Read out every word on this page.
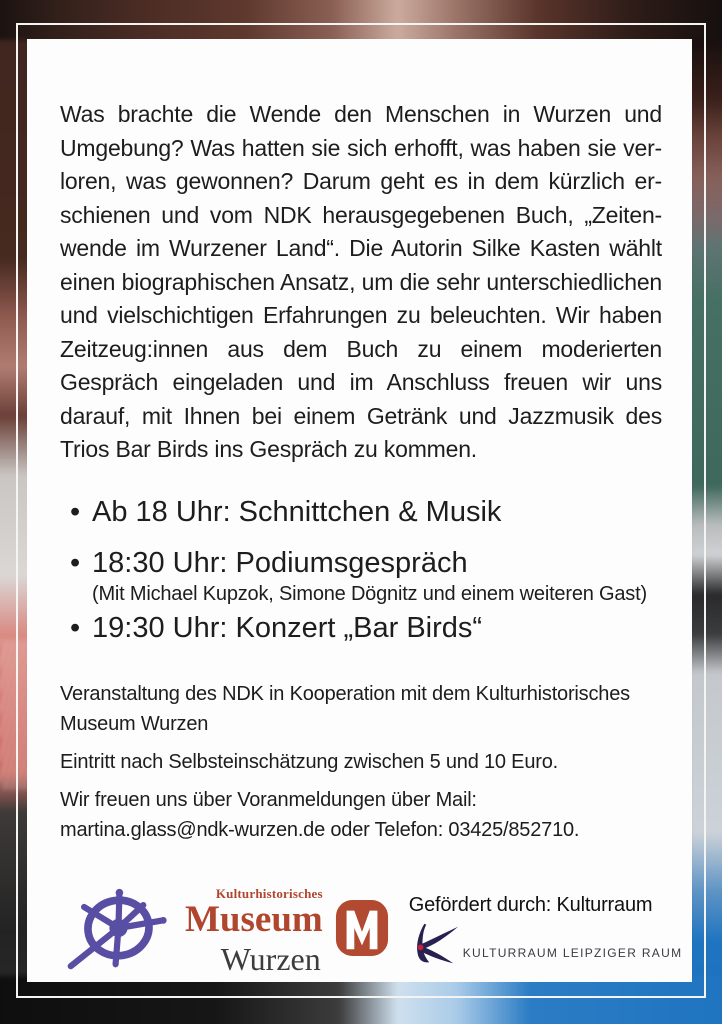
Was brachte die Wende den Menschen in Wurzen und
Umgebung? Was hatten sie sich erhofft, was haben sie ver-
loren, was gewonnen? Darum geht es in dem kürzlich er-
schienen und vom NDK herausgegebenen Buch, „Zeiten-
wende im Wurzener Land“. Die Autorin Silke Kasten wählt
einen biographischen Ansatz, um die sehr unterschiedlichen
und vielschichtigen Erfahrungen zu beleuchten. Wir haben
Zeitzeug:innen aus dem Buch zu einem moderierten
Gespräch eingeladen und im Anschluss freuen wir uns
darauf, mit Ihnen bei einem Getränk und Jazzmusik des
Trios Bar Birds ins Gespräch zu kommen.
• Ab 18 Uhr: Schnittchen & Musik
• 18:30 Uhr: Podiumsgespräch
(Mit Michael Kupzok, Simone Dögnitz und einem weiteren Gast)
• 19:30 Uhr: Konzert „Bar Birds“
Veranstaltung des NDK in Kooperation mit dem Kulturhistorisches
Museum Wurzen
Eintritt nach Selbsteinschätzung zwischen 5 und 10 Euro.
Wir freuen uns über Voranmeldungen über Mail:
martina.glass@ndk-wurzen.de oder Telefon: 03425/852710.
Kulturhistorisches
Museum
Wurzen
Gefördert durch: Kulturraum
KULTURRAUM LEIPZIGER RAUM
